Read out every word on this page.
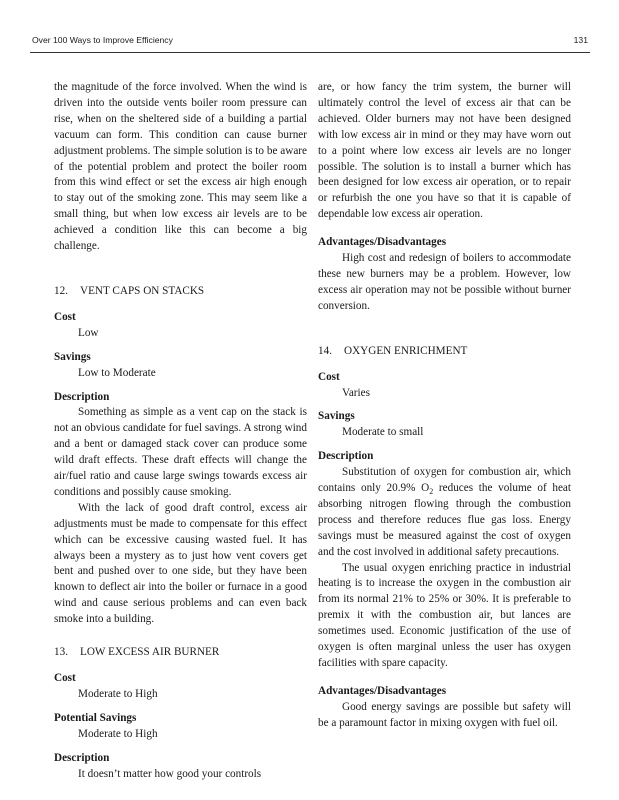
Over 100 Ways to Improve Efficiency	131

the magnitude of the force involved. When the wind is driven into the outside vents boiler room pressure can rise, when on the sheltered side of a building a partial vacuum can form. This condition can cause burner adjustment problems. The simple solution is to be aware of the potential problem and protect the boiler room from this wind effect or set the excess air high enough to stay out of the smoking zone. This may seem like a small thing, but when low excess air levels are to be achieved a condition like this can become a big challenge.

12. VENT CAPS ON STACKS
Cost
Low
Savings
Low to Moderate
Description

Something as simple as a vent cap on the stack is not an obvious candidate for fuel savings. A strong wind and a bent or damaged stack cover can produce some wild draft effects. These draft effects will change the air/fuel ratio and cause large swings towards excess air conditions and possibly cause smoking.

With the lack of good draft control, excess air adjustments must be made to compensate for this effect which can be excessive causing wasted fuel. It has always been a mystery as to just how vent covers get bent and pushed over to one side, but they have been known to deflect air into the boiler or furnace in a good wind and cause serious problems and can even back smoke into a building.

13. LOW EXCESS AIR BURNER
Cost
Moderate to High
Potential Savings
Moderate to High
Description

It doesn’t matter how good your controls

are, or how fancy the trim system, the burner will ultimately control the level of excess air that can be achieved. Older burners may not have been designed with low excess air in mind or they may have worn out to a point where low excess air levels are no longer possible. The solution is to install a burner which has been designed for low excess air operation, or to repair or refurbish the one you have so that it is capable of dependable low excess air operation.

Advantages/Disadvantages

High cost and redesign of boilers to accommodate these new burners may be a problem. However, low excess air operation may not be possible without burner conversion.

14. OXYGEN ENRICHMENT
Cost
Varies
Savings
Moderate to small
Description

Substitution of oxygen for combustion air, which contains only 20.9% $O_2$ reduces the volume of heat absorbing nitrogen flowing through the combustion process and therefore reduces flue gas loss. Energy savings must be measured against the cost of oxygen and the cost involved in additional safety precautions.

The usual oxygen enriching practice in industrial heating is to increase the oxygen in the combustion air from its normal 21% to 25% or 30%. It is preferable to premix it with the combustion air, but lances are sometimes used. Economic justification of the use of oxygen is often marginal unless the user has oxygen facilities with spare capacity.

Advantages/Disadvantages

Good energy savings are possible but safety will be a paramount factor in mixing oxygen with fuel oil.
